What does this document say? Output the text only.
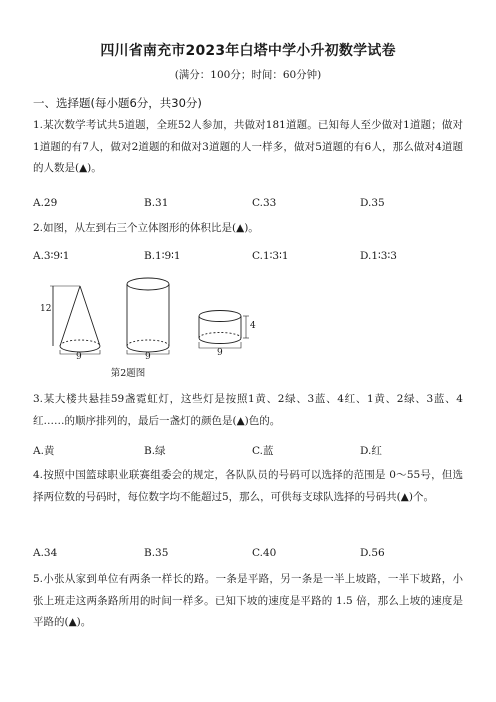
四川省南充市2023年白塔中学小升初数学试卷
(满分：100分；时间：60分钟)
一、选择题(每小题6分，共30分)
1.某次数学考试共5道题，全班52人参加，共做对181道题。已知每人至少做对1道题；做对1道题的有7人，做对2道题的和做对3道题的人一样多，做对5道题的有6人，那么做对4道题的人数是(▲)。
A.29	B.31	C.33	D.35
2.如图，从左到右三个立体图形的体积比是(▲)。
A.3∶9∶1	B.1∶9∶1	C.1∶3∶1	D.1∶3∶3
12
4
9	9	9
第2题图
3.某大楼共悬挂59盏霓虹灯，这些灯是按照1黄、2绿、3蓝、4红、1黄、2绿、3蓝、4红……的顺序排列的，最后一盏灯的颜色是(▲)色的。
A.黄	B.绿	C.蓝	D.红
4.按照中国篮球职业联赛组委会的规定，各队队员的号码可以选择的范围是 0～55号，但选择两位数的号码时，每位数字均不能超过5，那么，可供每支球队选择的号码共(▲)个。
A.34	B.35	C.40	D.56
5.小张从家到单位有两条一样长的路。一条是平路，另一条是一半上坡路，一半下坡路，小张上班走这两条路所用的时间一样多。已知下坡的速度是平路的 1.5 倍，那么上坡的速度是平路的(▲)。
